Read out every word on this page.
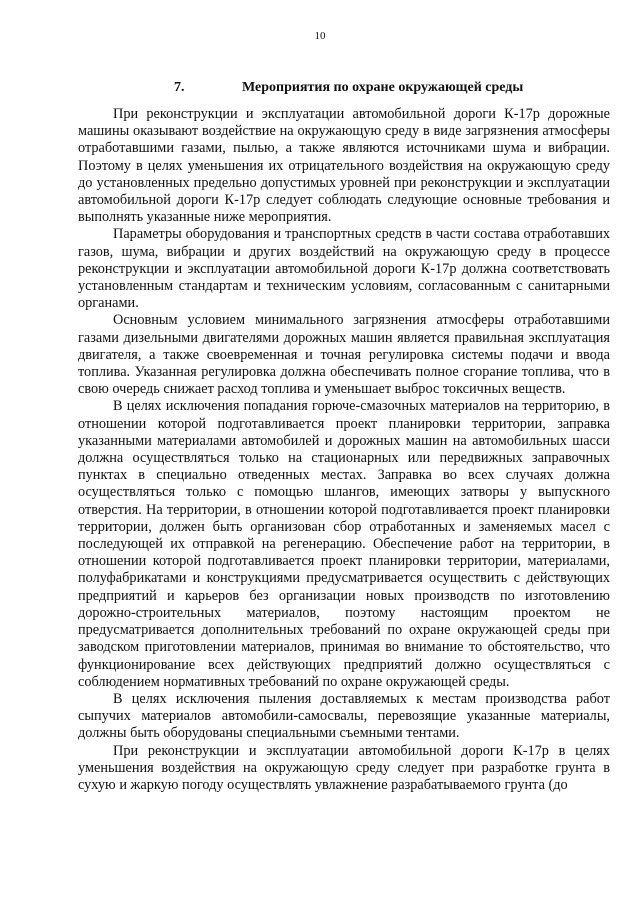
10
7.	Мероприятия по охране окружающей среды

При реконструкции и эксплуатации автомобильной дороги К-17р дорожные машины оказывают воздействие на окружающую среду в виде загрязнения атмосферы отработавшими газами, пылью, а также являются источниками шума и вибрации. Поэтому в целях уменьшения их отрицательного воздействия на окружающую среду до установленных предельно допустимых уровней при реконструкции и эксплуатации автомобильной дороги К-17р следует соблюдать следующие основные требования и выполнять указанные ниже мероприятия.

Параметры оборудования и транспортных средств в части состава отработавших газов, шума, вибрации и других воздействий на окружающую среду в процессе реконструкции и эксплуатации автомобильной дороги К-17р должна соответствовать установленным стандартам и техническим условиям, согласованным с санитарными органами.

Основным условием минимального загрязнения атмосферы отработавшими газами дизельными двигателями дорожных машин является правильная эксплуатация двигателя, а также своевременная и точная регулировка системы подачи и ввода топлива. Указанная регулировка должна обеспечивать полное сгорание топлива, что в свою очередь снижает расход топлива и уменьшает выброс токсичных веществ.

В целях исключения попадания горюче-смазочных материалов на территорию, в отношении которой подготавливается проект планировки территории, заправка указанными материалами автомобилей и дорожных машин на автомобильных шасси должна осуществляться только на стационарных или передвижных заправочных пунктах в специально отведенных местах. Заправка во всех случаях должна осуществляться только с помощью шлангов, имеющих затворы у выпускного отверстия. На территории, в отношении которой подготавливается проект планировки территории, должен быть организован сбор отработанных и заменяемых масел с последующей их отправкой на регенерацию. Обеспечение работ на территории, в отношении которой подготавливается проект планировки территории, материалами, полуфабрикатами и конструкциями предусматривается осуществить с действующих предприятий и карьеров без организации новых производств по изготовлению дорожно-строительных материалов, поэтому настоящим проектом не предусматривается дополнительных требований по охране окружающей среды при заводском приготовлении материалов, принимая во внимание то обстоятельство, что функционирование всех действующих предприятий должно осуществляться с соблюдением нормативных требований по охране окружающей среды.

В целях исключения пыления доставляемых к местам производства работ сыпучих материалов автомобили-самосвалы, перевозящие указанные материалы, должны быть оборудованы специальными съемными тентами.

При реконструкции и эксплуатации автомобильной дороги К-17р в целях уменьшения воздействия на окружающую среду следует при разработке грунта в сухую и жаркую погоду осуществлять увлажнение разрабатываемого грунта (до
